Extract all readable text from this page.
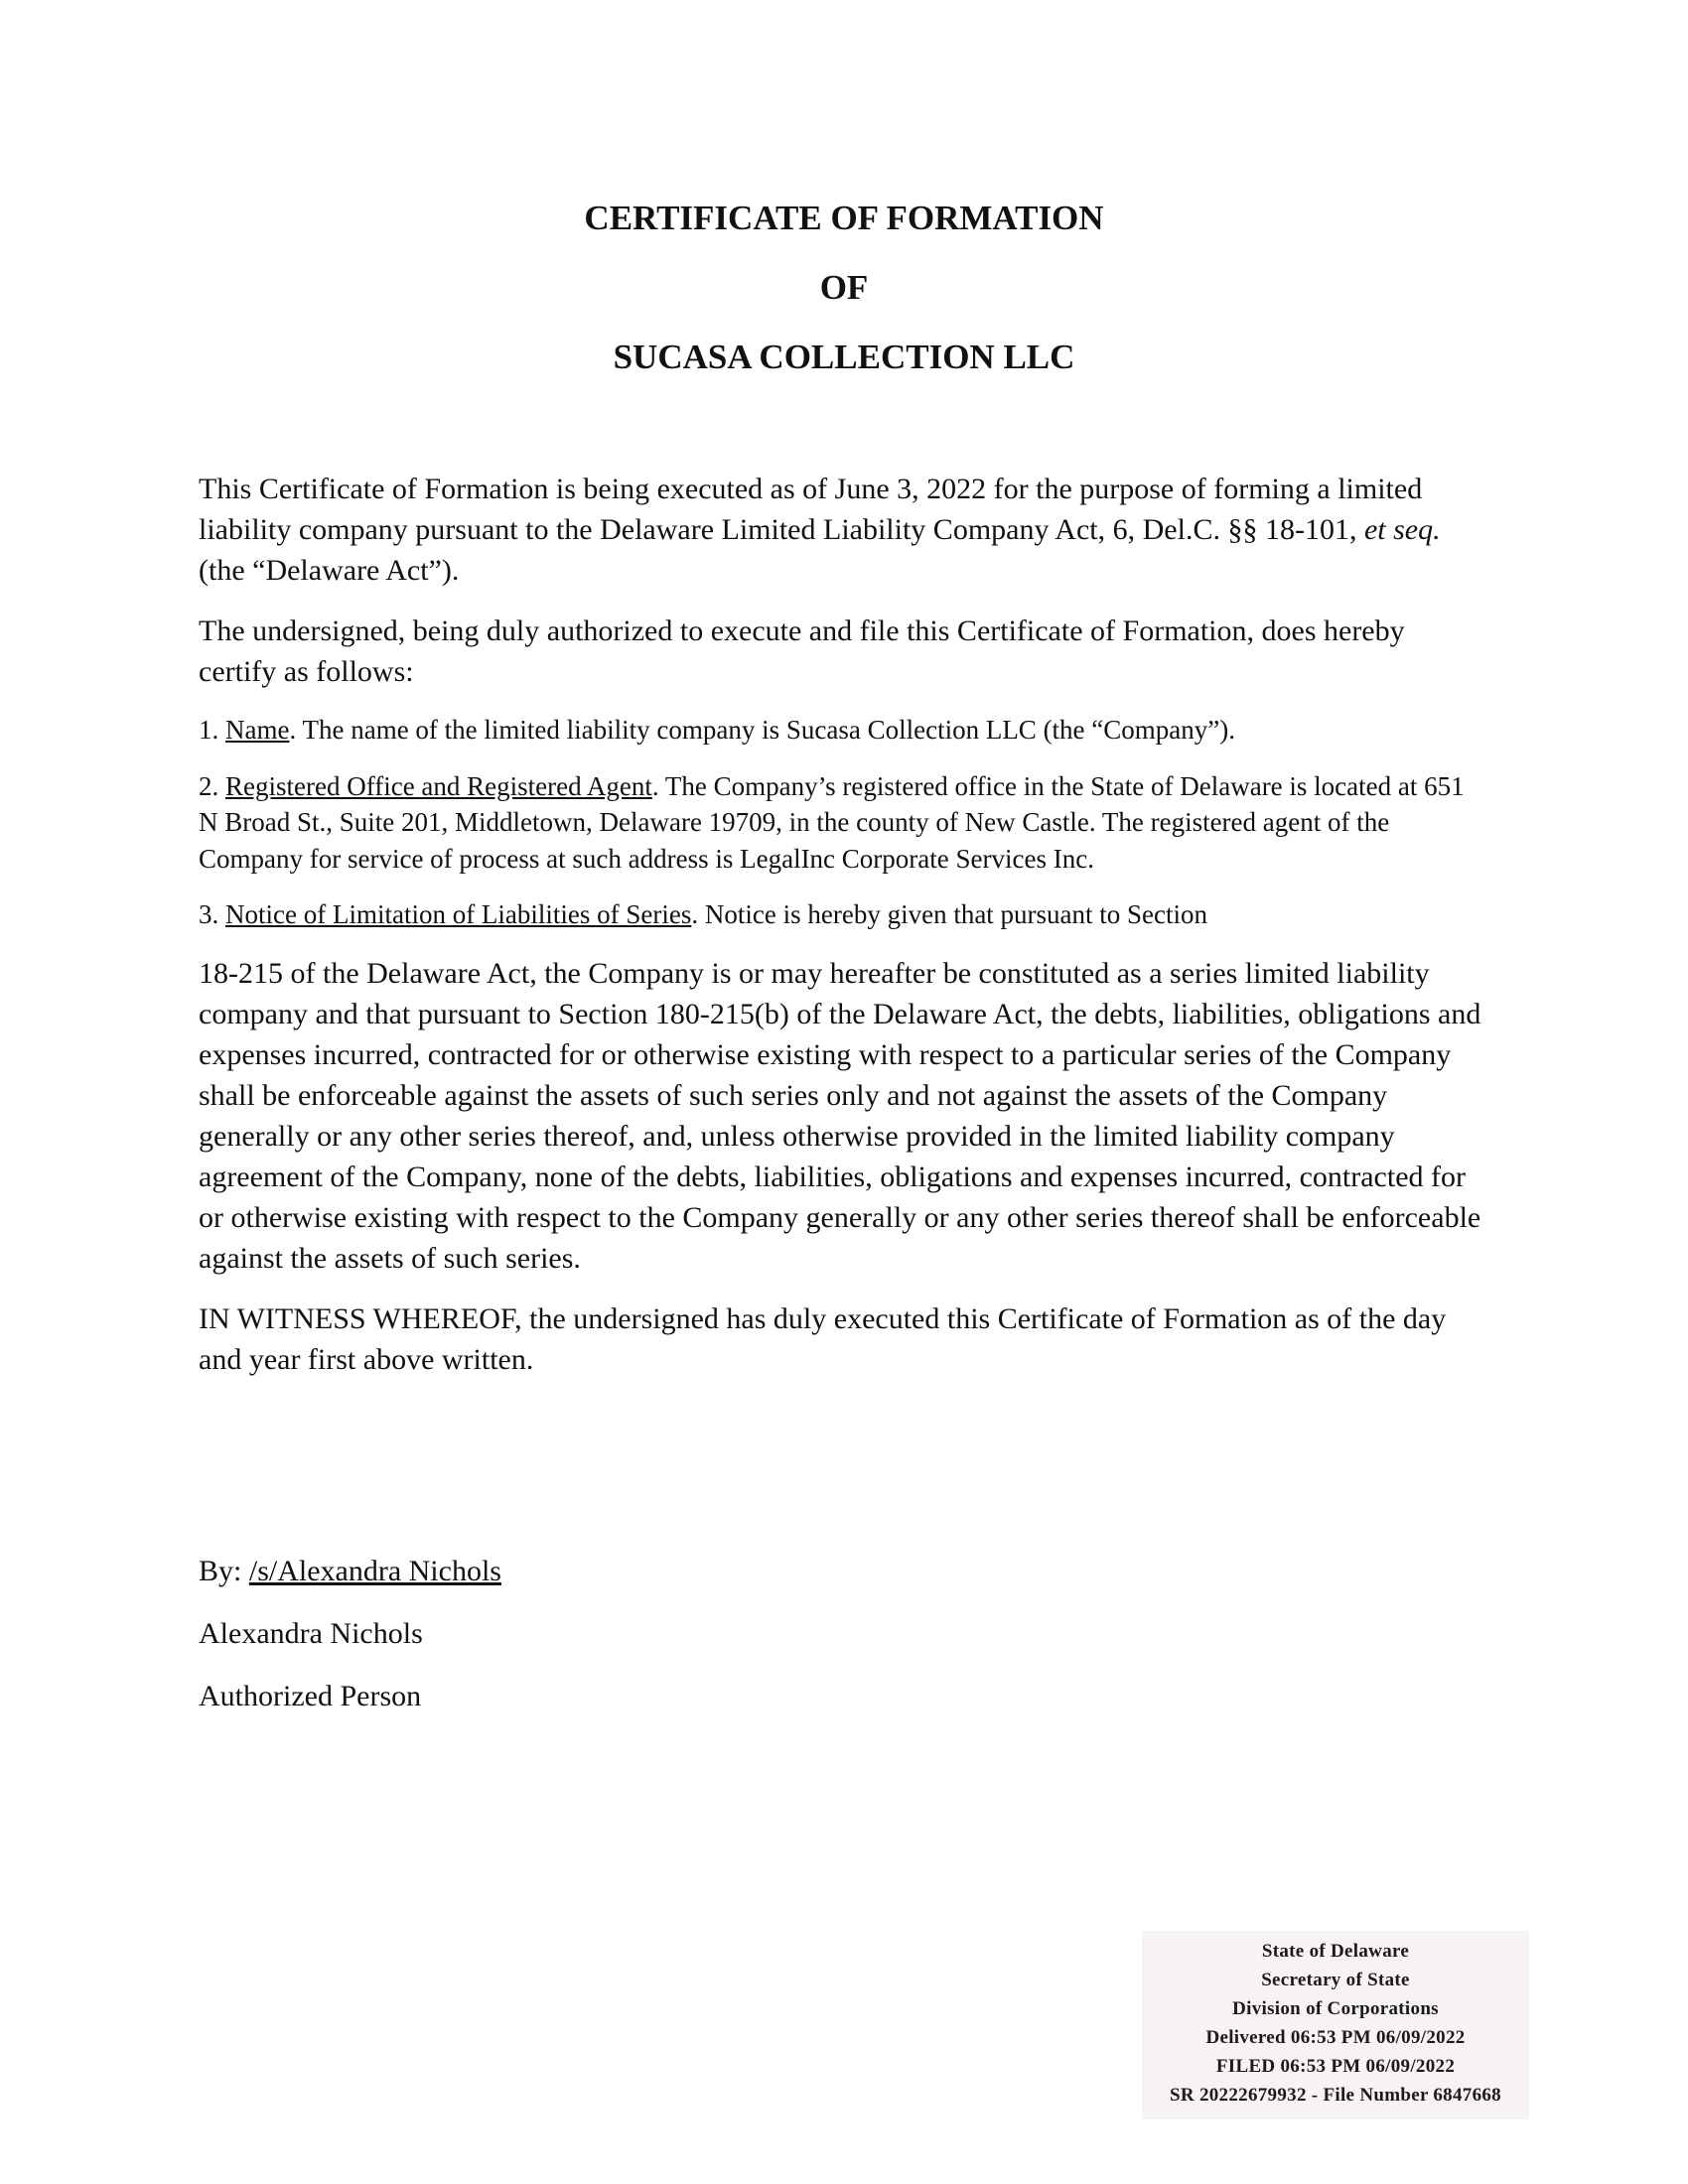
CERTIFICATE OF FORMATION
OF
SUCASA COLLECTION LLC

This Certificate of Formation is being executed as of June 3, 2022 for the purpose of forming a limited liability company pursuant to the Delaware Limited Liability Company Act, 6, Del.C. §§ 18-101, et seq. (the “Delaware Act”).

The undersigned, being duly authorized to execute and file this Certificate of Formation, does hereby certify as follows:

1. Name. The name of the limited liability company is Sucasa Collection LLC (the “Company”).

2. Registered Office and Registered Agent. The Company’s registered office in the State of Delaware is located at 651 N Broad St., Suite 201, Middletown, Delaware 19709, in the county of New Castle. The registered agent of the Company for service of process at such address is LegalInc Corporate Services Inc.

3. Notice of Limitation of Liabilities of Series. Notice is hereby given that pursuant to Section

18-215 of the Delaware Act, the Company is or may hereafter be constituted as a series limited liability company and that pursuant to Section 180-215(b) of the Delaware Act, the debts, liabilities, obligations and expenses incurred, contracted for or otherwise existing with respect to a particular series of the Company shall be enforceable against the assets of such series only and not against the assets of the Company generally or any other series thereof, and, unless otherwise provided in the limited liability company agreement of the Company, none of the debts, liabilities, obligations and expenses incurred, contracted for or otherwise existing with respect to the Company generally or any other series thereof shall be enforceable against the assets of such series.

IN WITNESS WHEREOF, the undersigned has duly executed this Certificate of Formation as of the day and year first above written.

By: /s/Alexandra Nichols

Alexandra Nichols

Authorized Person

State of Delaware
Secretary of State
Division of Corporations
Delivered 06:53 PM 06/09/2022
FILED 06:53 PM 06/09/2022
SR 20222679932 - File Number 6847668
